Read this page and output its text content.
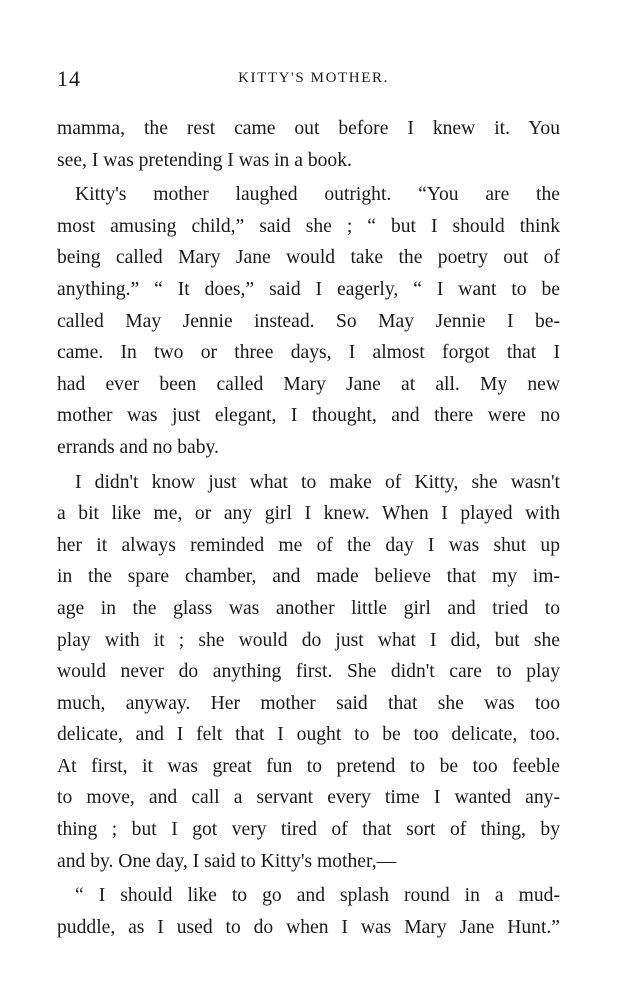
14	KITTY'S MOTHER.
mamma, the rest came out before I knew it. You
see, I was pretending I was in a book.
Kitty's mother laughed outright. “You are the
most amusing child,” said she ; “ but I should think
being called Mary Jane would take the poetry out of
anything.” “ It does,” said I eagerly, “ I want to be
called May Jennie instead. So May Jennie I be-
came. In two or three days, I almost forgot that I
had ever been called Mary Jane at all. My new
mother was just elegant, I thought, and there were no
errands and no baby.
I didn't know just what to make of Kitty, she wasn't
a bit like me, or any girl I knew. When I played with
her it always reminded me of the day I was shut up
in the spare chamber, and made believe that my im-
age in the glass was another little girl and tried to
play with it ; she would do just what I did, but she
would never do anything first. She didn't care to play
much, anyway. Her mother said that she was too
delicate, and I felt that I ought to be too delicate, too.
At first, it was great fun to pretend to be too feeble
to move, and call a servant every time I wanted any-
thing ; but I got very tired of that sort of thing, by
and by. One day, I said to Kitty's mother,—
“ I should like to go and splash round in a mud-
puddle, as I used to do when I was Mary Jane Hunt.”
